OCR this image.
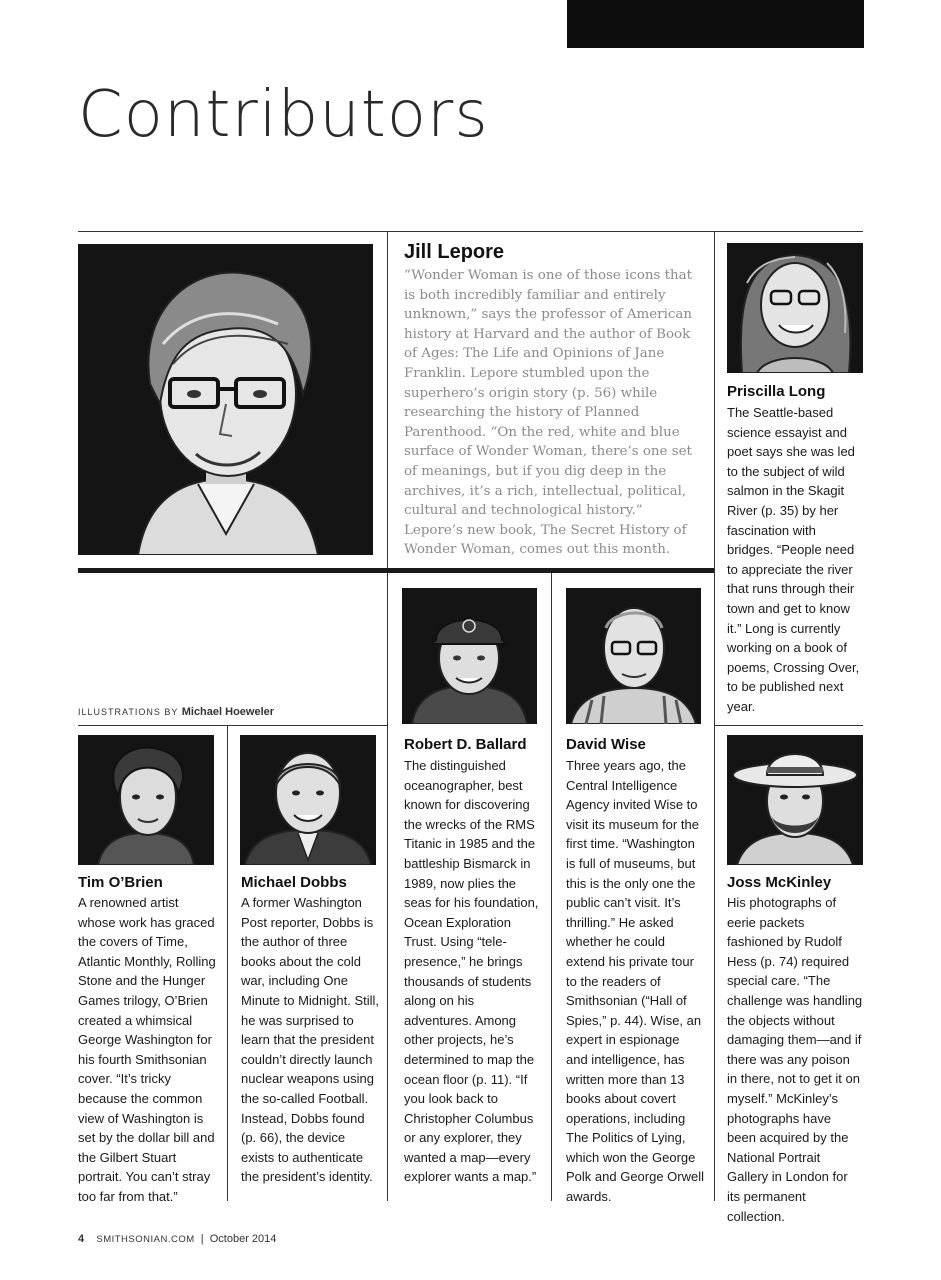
Contributors
Jill Lepore
“Wonder Woman is one of those icons that is both incredibly familiar and entirely unknown,” says the professor of American history at Harvard and the author of Book of Ages: The Life and Opinions of Jane Franklin. Lepore stumbled upon the superhero’s origin story (p. 56) while researching the history of Planned Parenthood. “On the red, white and blue surface of Wonder Woman, there’s one set of meanings, but if you dig deep in the archives, it’s a rich, intellectual, political, cultural and technological history.” Lepore’s new book, The Secret History of Wonder Woman, comes out this month.
Priscilla Long
The Seattle-based science essayist and poet says she was led to the subject of wild salmon in the Skagit River (p. 35) by her fascination with bridges. “People need to appreciate the river that runs through their town and get to know it.” Long is currently working on a book of poems, Crossing Over, to be published next year.
ILLUSTRATIONS BY Michael Hoeweler
Robert D. Ballard
The distinguished oceanographer, best known for discovering the wrecks of the RMS Titanic in 1985 and the battleship Bismarck in 1989, now plies the seas for his foundation, Ocean Exploration Trust. Using “tele-presence,” he brings thousands of students along on his adventures. Among other projects, he’s determined to map the ocean floor (p. 11). “If you look back to Christopher Columbus or any explorer, they wanted a map—every explorer wants a map.”
David Wise
Three years ago, the Central Intelligence Agency invited Wise to visit its museum for the first time. “Washington is full of museums, but this is the only one the public can’t visit. It’s thrilling.” He asked whether he could extend his private tour to the readers of Smithsonian (“Hall of Spies,” p. 44). Wise, an expert in espionage and intelligence, has written more than 13 books about covert operations, including The Politics of Lying, which won the George Polk and George Orwell awards.
Tim O’Brien
A renowned artist whose work has graced the covers of Time, Atlantic Monthly, Rolling Stone and the Hunger Games trilogy, O’Brien created a whimsical George Washington for his fourth Smithsonian cover. “It’s tricky because the common view of Washington is set by the dollar bill and the Gilbert Stuart portrait. You can’t stray too far from that.”
Michael Dobbs
A former Washington Post reporter, Dobbs is the author of three books about the cold war, including One Minute to Midnight. Still, he was surprised to learn that the president couldn’t directly launch nuclear weapons using the so-called Football. Instead, Dobbs found (p. 66), the device exists to authenticate the president’s identity.
Joss McKinley
His photographs of eerie packets fashioned by Rudolf Hess (p. 74) required special care. “The challenge was handling the objects without damaging them—and if there was any poison in there, not to get it on myself.” McKinley’s photographs have been acquired by the National Portrait Gallery in London for its permanent collection.
4 SMITHSONIAN.COM | October 2014
